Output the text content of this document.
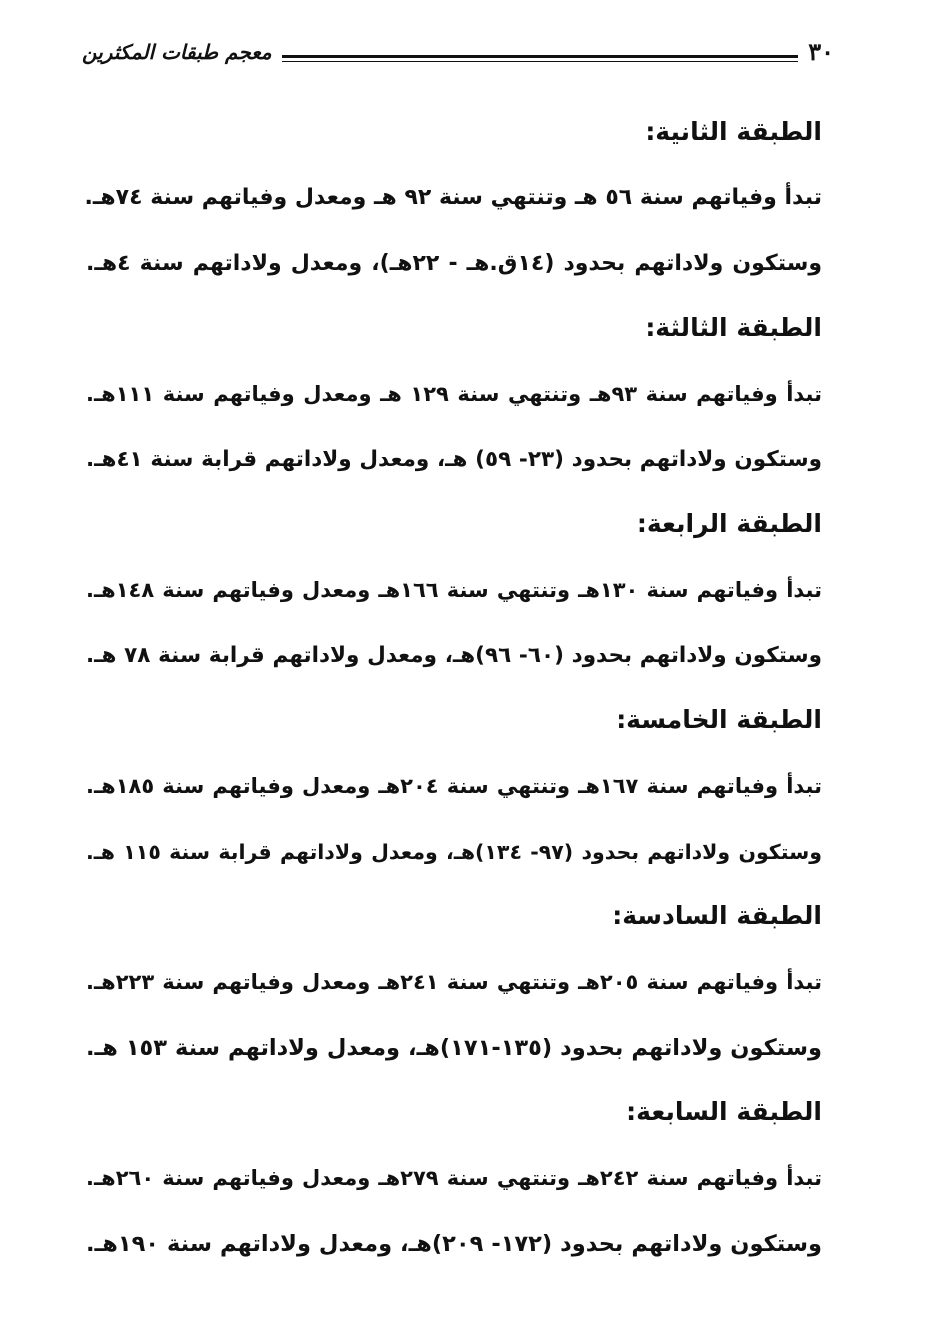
٣٠
معجم طبقات المكثرين
الطبقة الثانية:

تبدأ وفياتهم سنة ٥٦ هـ وتنتهي سنة ٩٢ هـ ومعدل وفياتهم سنة ٧٤هـ.

وستكون ولاداتهم بحدود (١٤ق.هـ - ٢٢هـ)، ومعدل ولاداتهم سنة ٤هـ.

الطبقة الثالثة:

تبدأ وفياتهم سنة ٩٣هـ وتنتهي سنة ١٢٩ هـ ومعدل وفياتهم سنة ١١١هـ.

وستكون ولاداتهم بحدود (٢٣- ٥٩) هـ، ومعدل ولاداتهم قرابة سنة ٤١هـ.

الطبقة الرابعة:

تبدأ وفياتهم سنة ١٣٠هـ وتنتهي سنة ١٦٦هـ ومعدل وفياتهم سنة ١٤٨هـ.

وستكون ولاداتهم بحدود (٦٠- ٩٦)هـ، ومعدل ولاداتهم قرابة سنة ٧٨ هـ.

الطبقة الخامسة:

تبدأ وفياتهم سنة ١٦٧هـ وتنتهي سنة ٢٠٤هـ ومعدل وفياتهم سنة ١٨٥هـ.

وستكون ولاداتهم بحدود (٩٧- ١٣٤)هـ، ومعدل ولاداتهم قرابة سنة ١١٥ هـ.

الطبقة السادسة:

تبدأ وفياتهم سنة ٢٠٥هـ وتنتهي سنة ٢٤١هـ ومعدل وفياتهم سنة ٢٢٣هـ.

وستكون ولاداتهم بحدود (١٣٥-١٧١)هـ، ومعدل ولاداتهم سنة ١٥٣ هـ.

الطبقة السابعة:

تبدأ وفياتهم سنة ٢٤٢هـ وتنتهي سنة ٢٧٩هـ ومعدل وفياتهم سنة ٢٦٠هـ.

وستكون ولاداتهم بحدود (١٧٢- ٢٠٩)هـ، ومعدل ولاداتهم سنة ١٩٠هـ.
